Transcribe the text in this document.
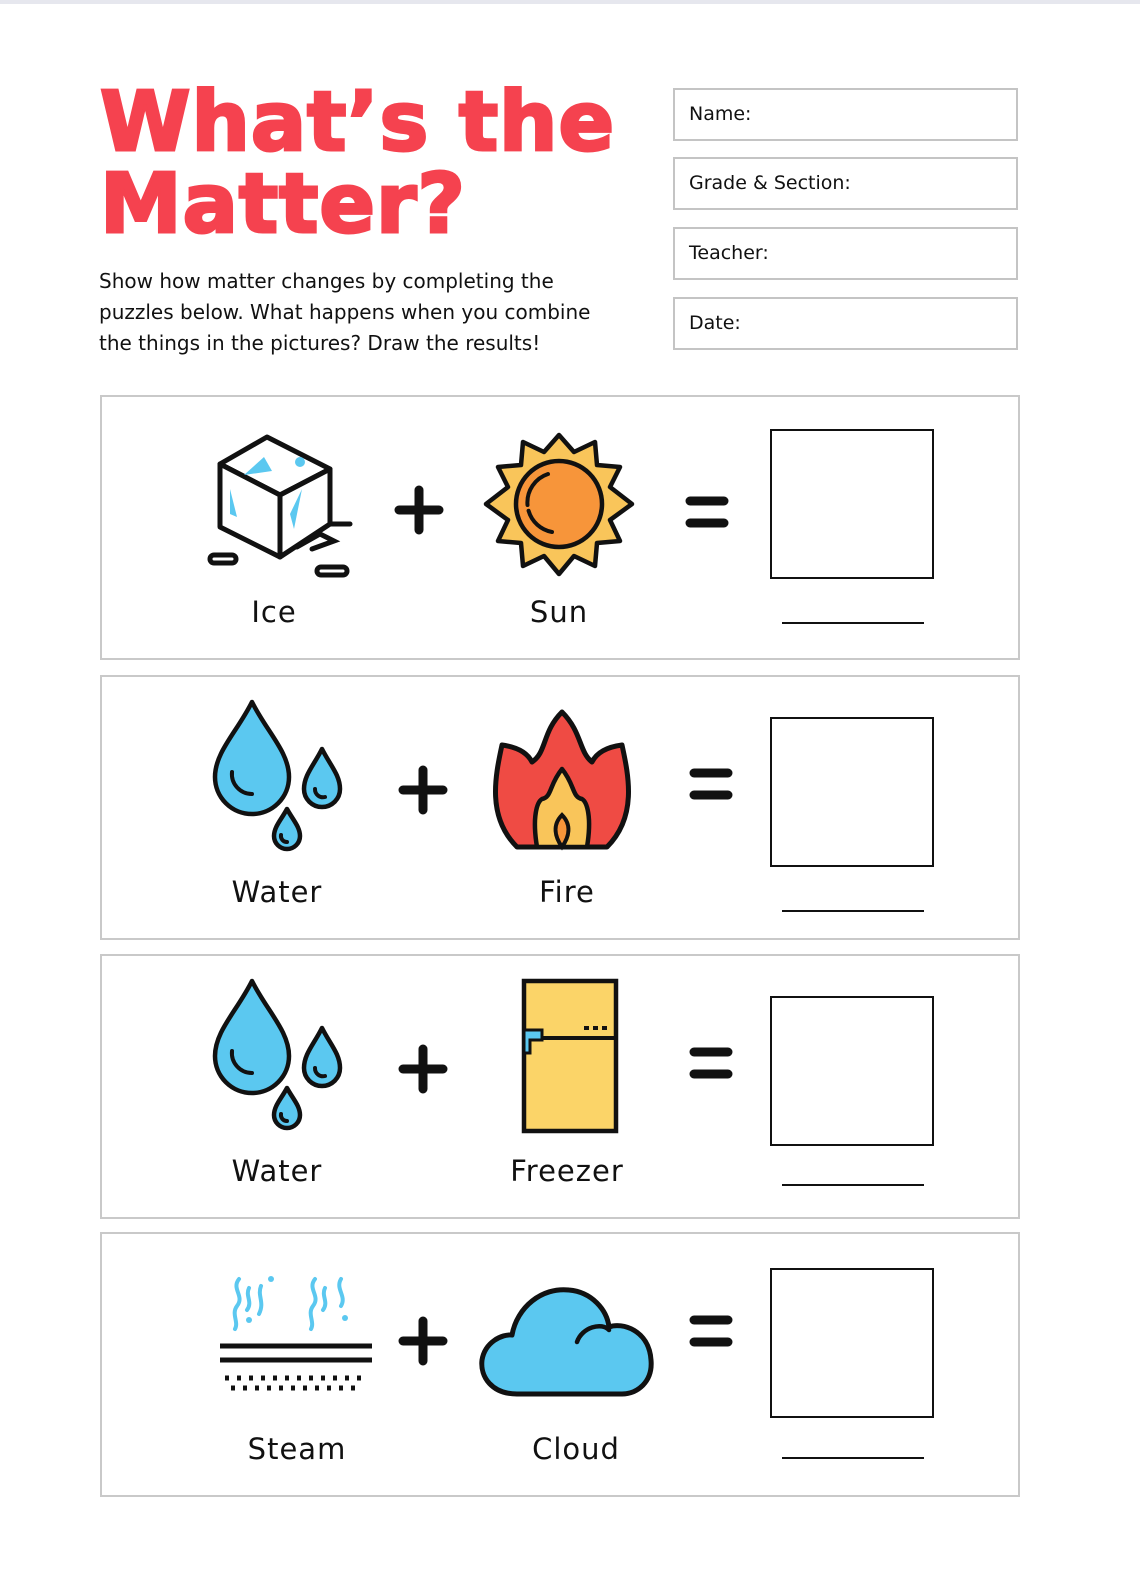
What’s the
Matter?
Show how matter changes by completing the puzzles below. What happens when you combine the things in the pictures? Draw the results!
Name:
Grade & Section:
Teacher:
Date:
Ice	Sun
Water	Fire
Water	Freezer
Steam	Cloud
